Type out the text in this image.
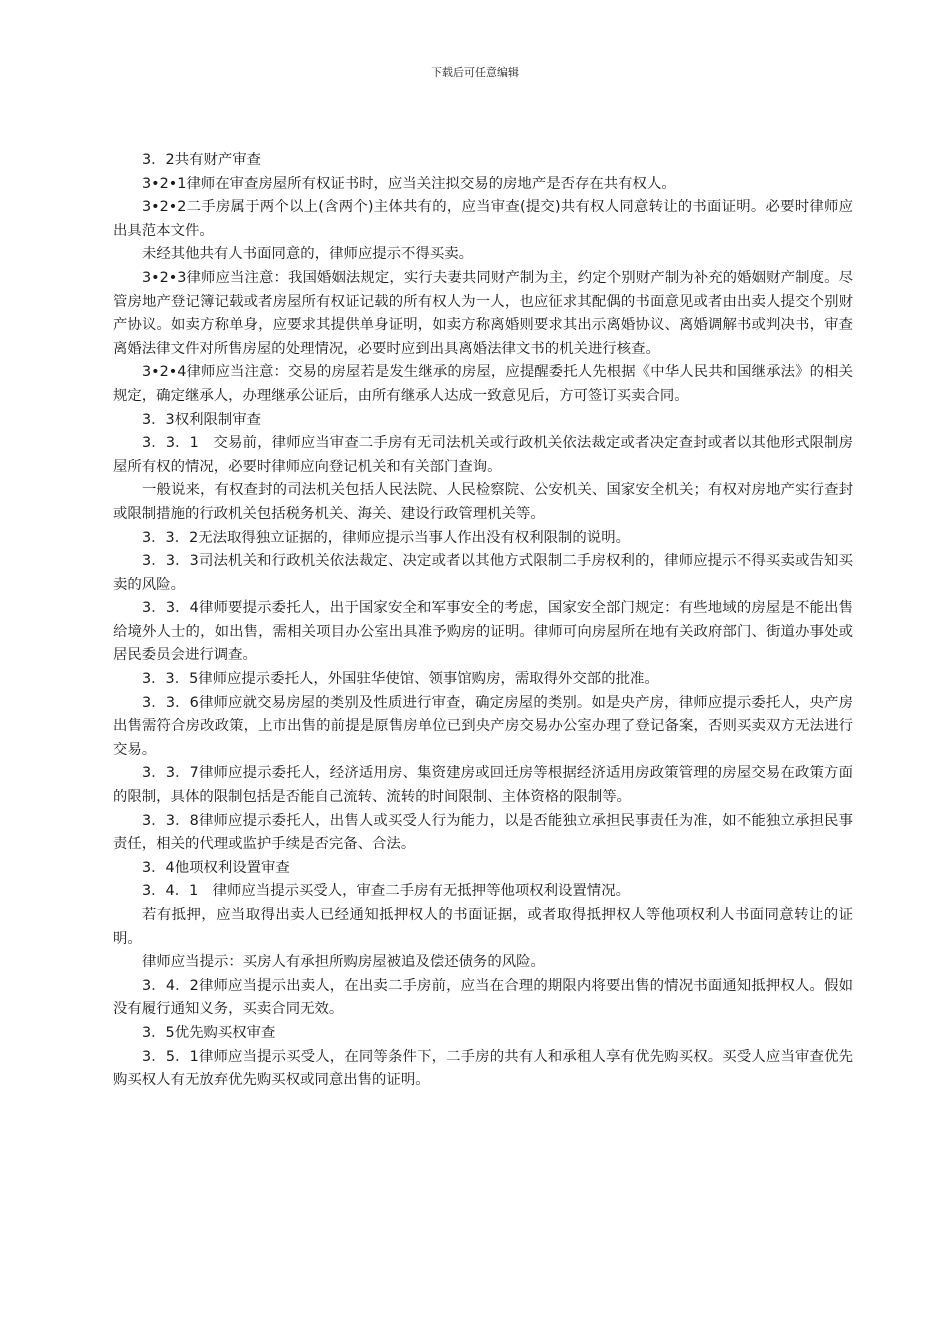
下载后可任意编辑

3．2共有财产审查

3•2•1律师在审查房屋所有权证书时，应当关注拟交易的房地产是否存在共有权人。

3•2•2二手房属于两个以上(含两个)主体共有的，应当审查(提交)共有权人同意转让的书面证明。必要时律师应出具范本文件。

未经其他共有人书面同意的，律师应提示不得买卖。

3•2•3律师应当注意：我国婚姻法规定，实行夫妻共同财产制为主，约定个别财产制为补充的婚姻财产制度。尽管房地产登记簿记载或者房屋所有权证记载的所有权人为一人，也应征求其配偶的书面意见或者由出卖人提交个别财产协议。如卖方称单身，应要求其提供单身证明，如卖方称离婚则要求其出示离婚协议、离婚调解书或判决书，审查离婚法律文件对所售房屋的处理情况，必要时应到出具离婚法律文书的机关进行核查。

3•2•4律师应当注意：交易的房屋若是发生继承的房屋，应提醒委托人先根据《中华人民共和国继承法》的相关规定，确定继承人，办理继承公证后，由所有继承人达成一致意见后，方可签订买卖合同。

3．3权利限制审查

3．3．1　交易前，律师应当审查二手房有无司法机关或行政机关依法裁定或者决定查封或者以其他形式限制房屋所有权的情况，必要时律师应向登记机关和有关部门查询。

一般说来，有权查封的司法机关包括人民法院、人民检察院、公安机关、国家安全机关；有权对房地产实行查封或限制措施的行政机关包括税务机关、海关、建设行政管理机关等。

3．3．2无法取得独立证据的，律师应提示当事人作出没有权利限制的说明。

3．3．3司法机关和行政机关依法裁定、决定或者以其他方式限制二手房权利的，律师应提示不得买卖或告知买卖的风险。

3．3．4律师要提示委托人，出于国家安全和军事安全的考虑，国家安全部门规定：有些地域的房屋是不能出售给境外人士的，如出售，需相关项目办公室出具准予购房的证明。律师可向房屋所在地有关政府部门、街道办事处或居民委员会进行调查。

3．3．5律师应提示委托人，外国驻华使馆、领事馆购房，需取得外交部的批准。

3．3．6律师应就交易房屋的类别及性质进行审查，确定房屋的类别。如是央产房，律师应提示委托人，央产房出售需符合房改政策，上市出售的前提是原售房单位已到央产房交易办公室办理了登记备案，否则买卖双方无法进行交易。

3．3．7律师应提示委托人，经济适用房、集资建房或回迁房等根据经济适用房政策管理的房屋交易在政策方面的限制，具体的限制包括是否能自己流转、流转的时间限制、主体资格的限制等。

3．3．8律师应提示委托人，出售人或买受人行为能力，以是否能独立承担民事责任为准，如不能独立承担民事责任，相关的代理或监护手续是否完备、合法。

3．4他项权利设置审查

3．4．1　律师应当提示买受人，审查二手房有无抵押等他项权利设置情况。

若有抵押，应当取得出卖人已经通知抵押权人的书面证据，或者取得抵押权人等他项权利人书面同意转让的证明。

律师应当提示：买房人有承担所购房屋被追及偿还债务的风险。

3．4．2律师应当提示出卖人，在出卖二手房前，应当在合理的期限内将要出售的情况书面通知抵押权人。假如没有履行通知义务，买卖合同无效。

3．5优先购买权审查

3．5．1律师应当提示买受人，在同等条件下，二手房的共有人和承租人享有优先购买权。买受人应当审查优先购买权人有无放弃优先购买权或同意出售的证明。
